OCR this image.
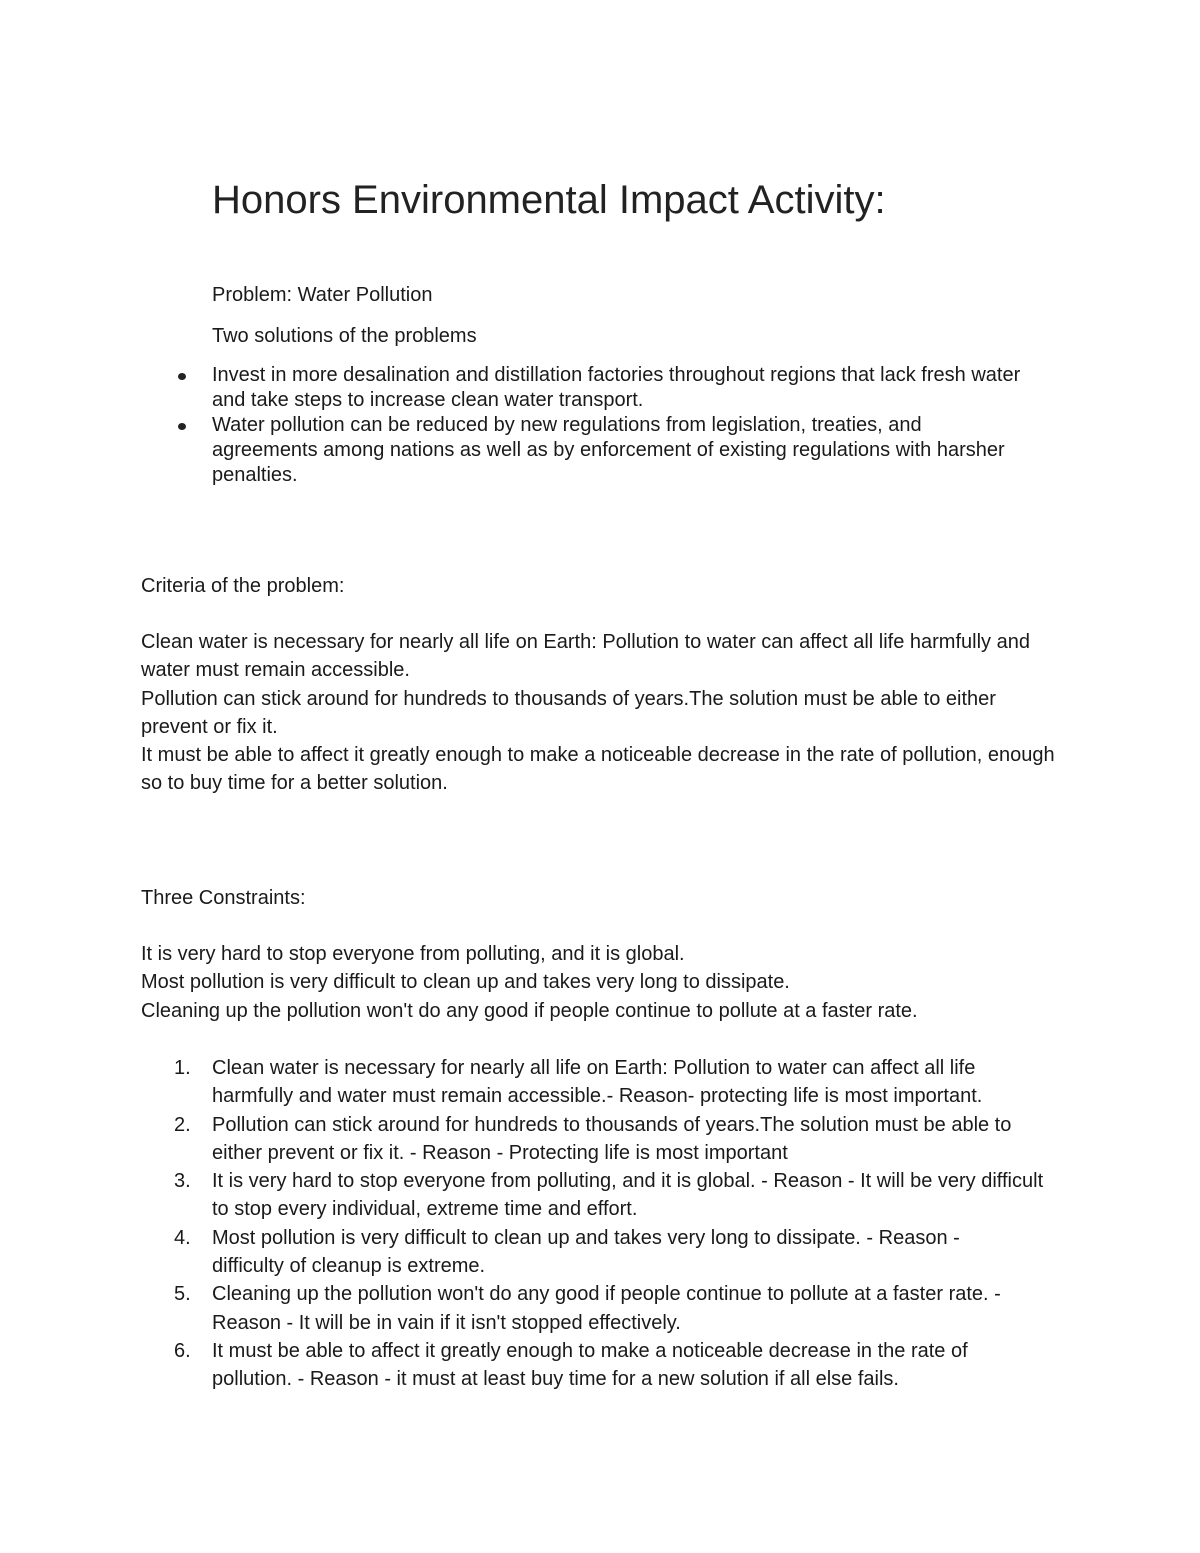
Honors Environmental Impact Activity:
Problem: Water Pollution
Two solutions of the problems
Invest in more desalination and distillation factories throughout regions that lack fresh water and take steps to increase clean water transport.
Water pollution can be reduced by new regulations from legislation, treaties, and agreements among nations as well as by enforcement of existing regulations with harsher penalties.
Criteria of the problem:
Clean water is necessary for nearly all life on Earth: Pollution to water can affect all life harmfully and water must remain accessible.
Pollution can stick around for hundreds to thousands of years.The solution must be able to either prevent or fix it.
It must be able to affect it greatly enough to make a noticeable decrease in the rate of pollution, enough so to buy time for a better solution.
Three Constraints:
It is very hard to stop everyone from polluting, and it is global.
Most pollution is very difficult to clean up and takes very long to dissipate.
Cleaning up the pollution won't do any good if people continue to pollute at a faster rate.
1.	Clean water is necessary for nearly all life on Earth: Pollution to water can affect all life harmfully and water must remain accessible.- Reason- protecting life is most important.
2.	Pollution can stick around for hundreds to thousands of years.The solution must be able to either prevent or fix it. - Reason - Protecting life is most important
3.	It is very hard to stop everyone from polluting, and it is global. - Reason - It will be very difficult to stop every individual, extreme time and effort.
4.	Most pollution is very difficult to clean up and takes very long to dissipate. - Reason - difficulty of cleanup is extreme.
5.	Cleaning up the pollution won't do any good if people continue to pollute at a faster rate. - Reason - It will be in vain if it isn't stopped effectively.
6.	It must be able to affect it greatly enough to make a noticeable decrease in the rate of pollution. - Reason - it must at least buy time for a new solution if all else fails.
